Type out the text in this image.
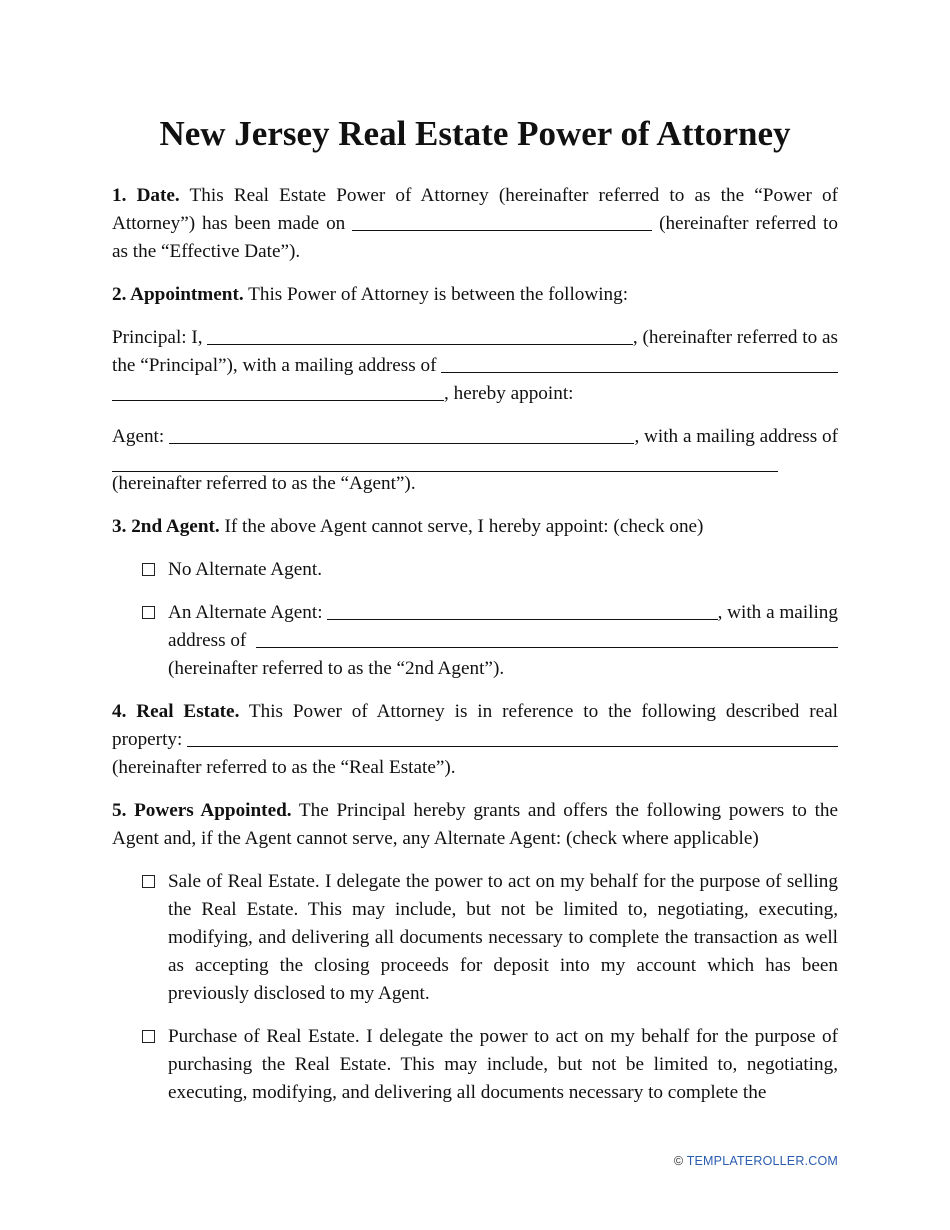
New Jersey Real Estate Power of Attorney

1. Date. This Real Estate Power of Attorney (hereinafter referred to as the “Power of Attorney”) has been made on	(hereinafter referred to as the “Effective Date”).

2. Appointment. This Power of Attorney is between the following:

Principal: I,
	, (hereinafter referred to as
the “Principal”), with a mailing address of

, hereby appoint:
Agent:
	, with a mailing address of
(hereinafter referred to as the “Agent”).

3. 2nd Agent. If the above Agent cannot serve, I hereby appoint: (check one)

No Alternate Agent.
An Alternate Agent:
	, with a mailing
address of

(hereinafter referred to as the “2nd Agent”).
4. Real Estate. This Power of Attorney is in reference to the following described real
property:

(hereinafter referred to as the “Real Estate”).

5. Powers Appointed. The Principal hereby grants and offers the following powers to the Agent and, if the Agent cannot serve, any Alternate Agent: (check where applicable)

Sale of Real Estate. I delegate the power to act on my behalf for the purpose of selling the Real Estate. This may include, but not be limited to, negotiating, executing, modifying, and delivering all documents necessary to complete the transaction as well as accepting the closing proceeds for deposit into my account which has been previously disclosed to my Agent.
Purchase of Real Estate. I delegate the power to act on my behalf for the purpose of purchasing the Real Estate. This may include, but not be limited to, negotiating, executing, modifying, and delivering all documents necessary to complete the
© TEMPLATEROLLER.COM
